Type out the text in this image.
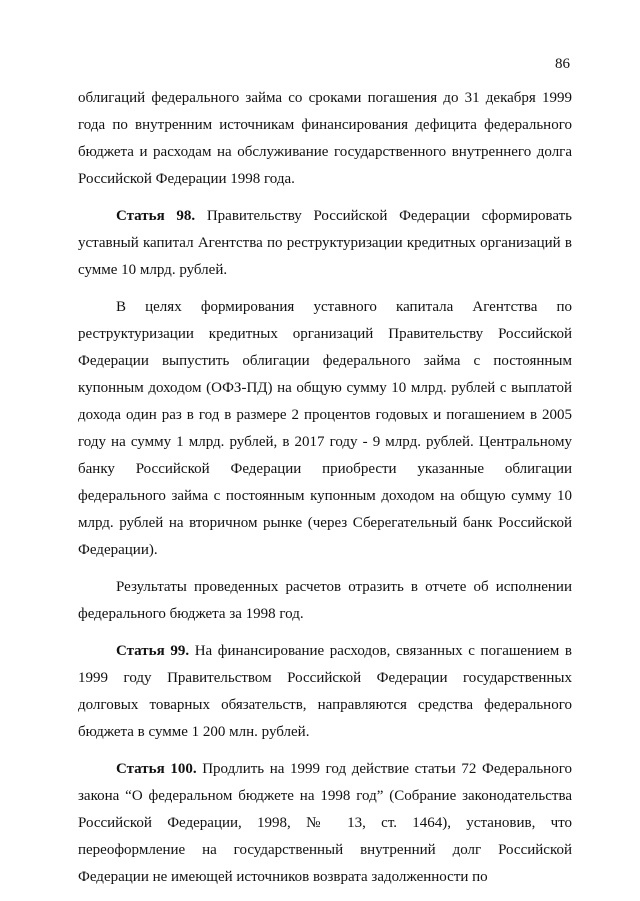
86

облигаций федерального займа со сроками погашения до 31 декабря 1999 года по внутренним источникам финансирования дефицита федерального бюджета и расходам на обслуживание государственного внутреннего долга Российской Федерации 1998 года.

Статья 98. Правительству Российской Федерации сформировать уставный капитал Агентства по реструктуризации кредитных организаций в сумме 10 млрд. рублей.

В целях формирования уставного капитала Агентства по реструктуризации кредитных организаций Правительству Российской Федерации выпустить облигации федерального займа с постоянным купонным доходом (ОФЗ-ПД) на общую сумму 10 млрд. рублей с выплатой дохода один раз в год в размере 2 процентов годовых и погашением в 2005 году на сумму 1 млрд. рублей, в 2017 году - 9 млрд. рублей. Центральному банку Российской Федерации приобрести указанные облигации федерального займа с постоянным купонным доходом на общую сумму 10 млрд. рублей на вторичном рынке (через Сберегательный банк Российской Федерации).

Результаты проведенных расчетов отразить в отчете об исполнении федерального бюджета за 1998 год.

Статья 99. На финансирование расходов, связанных с погашением в 1999 году Правительством Российской Федерации государственных долговых товарных обязательств, направляются средства федерального бюджета в сумме 1 200 млн. рублей.

Статья 100. Продлить на 1999 год действие статьи 72 Федерального закона “О федеральном бюджете на 1998 год” (Собрание законодательства Российской Федерации, 1998, № 13, ст. 1464), установив, что переоформление на государственный внутренний долг Российской Федерации не имеющей источников возврата задолженности по
